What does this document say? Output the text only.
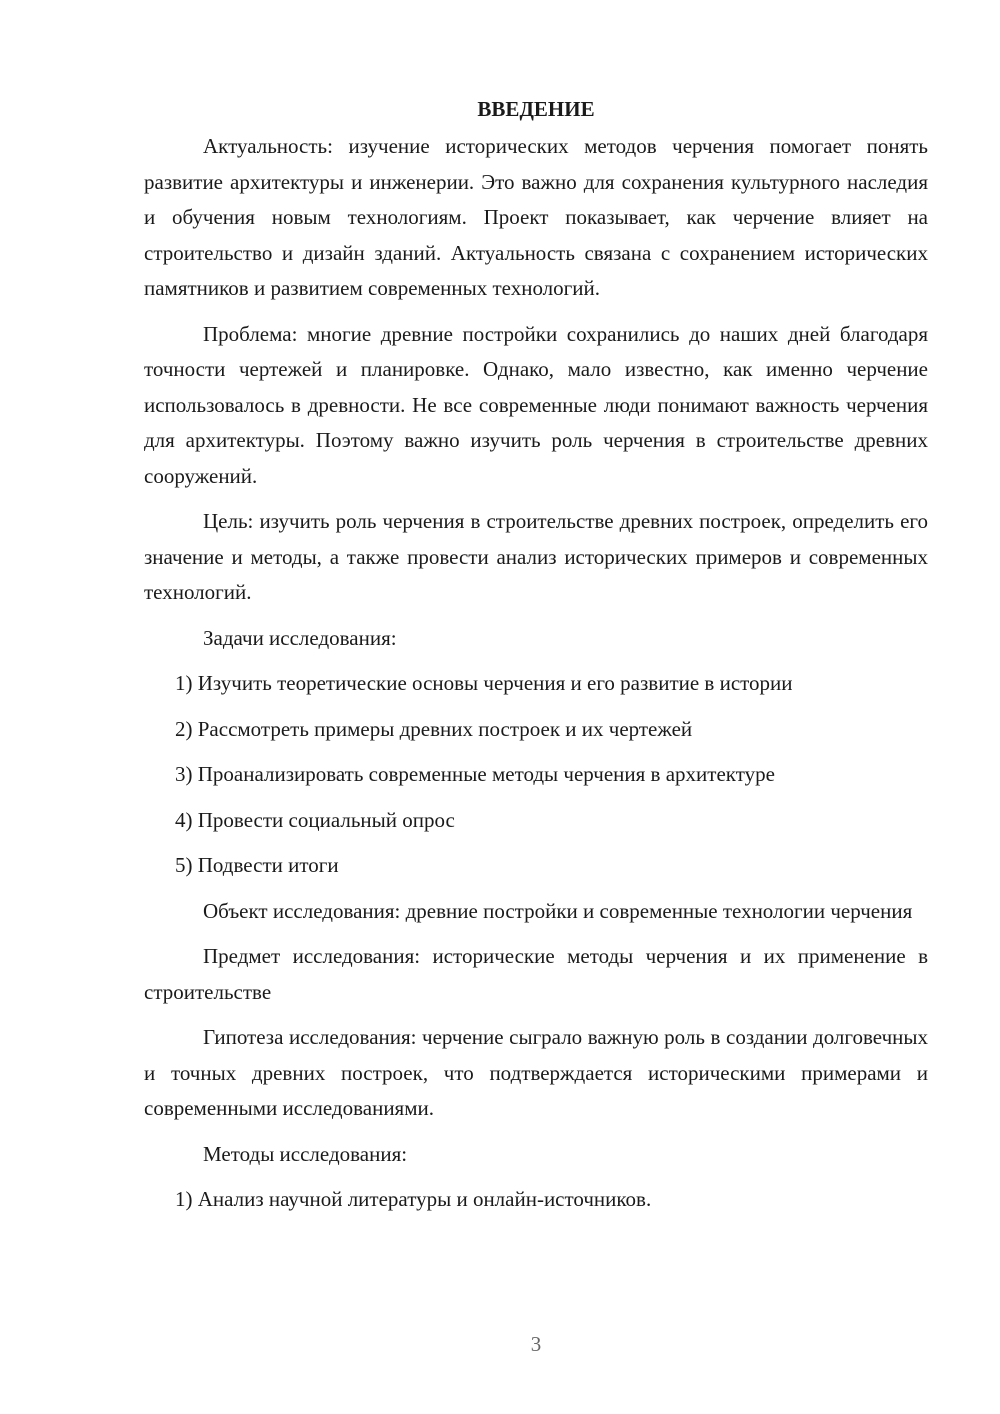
ВВЕДЕНИЕ

Актуальность: изучение исторических методов черчения помогает понять развитие архитектуры и инженерии. Это важно для сохранения культурного наследия и обучения новым технологиям. Проект показывает, как черчение влияет на строительство и дизайн зданий. Актуальность связана с сохранением исторических памятников и развитием современных технологий.

Проблема: многие древние постройки сохранились до наших дней благодаря точности чертежей и планировке. Однако, мало известно, как именно черчение использовалось в древности. Не все современные люди понимают важность черчения для архитектуры. Поэтому важно изучить роль черчения в строительстве древних сооружений.

Цель: изучить роль черчения в строительстве древних построек, определить его значение и методы, а также провести анализ исторических примеров и современных технологий.

Задачи исследования:

1) Изучить теоретические основы черчения и его развитие в истории

2) Рассмотреть примеры древних построек и их чертежей

3) Проанализировать современные методы черчения в архитектуре

4) Провести социальный опрос

5) Подвести итоги

Объект исследования: древние постройки и современные технологии черчения

Предмет исследования: исторические методы черчения и их применение в строительстве

Гипотеза исследования: черчение сыграло важную роль в создании долговечных и точных древних построек, что подтверждается историческими примерами и современными исследованиями.

Методы исследования:

1) Анализ научной литературы и онлайн-источников.

3
